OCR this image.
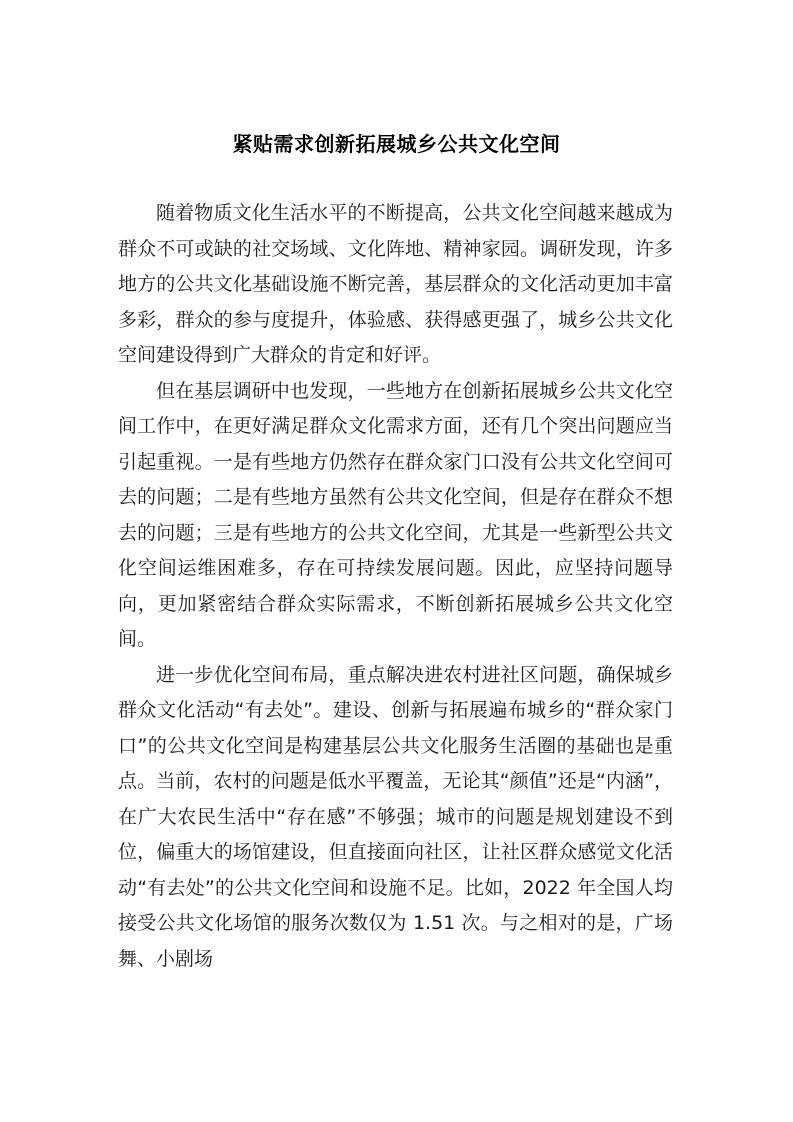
紧贴需求创新拓展城乡公共文化空间

随着物质文化生活水平的不断提高，公共文化空间越来越成为群众不可或缺的社交场域、文化阵地、精神家园。调研发现，许多地方的公共文化基础设施不断完善，基层群众的文化活动更加丰富多彩，群众的参与度提升，体验感、获得感更强了，城乡公共文化空间建设得到广大群众的肯定和好评。

但在基层调研中也发现，一些地方在创新拓展城乡公共文化空间工作中，在更好满足群众文化需求方面，还有几个突出问题应当引起重视。一是有些地方仍然存在群众家门口没有公共文化空间可去的问题；二是有些地方虽然有公共文化空间，但是存在群众不想去的问题；三是有些地方的公共文化空间，尤其是一些新型公共文化空间运维困难多，存在可持续发展问题。因此，应坚持问题导向，更加紧密结合群众实际需求，不断创新拓展城乡公共文化空间。

进一步优化空间布局，重点解决进农村进社区问题，确保城乡群众文化活动“有去处”。建设、创新与拓展遍布城乡的“群众家门口”的公共文化空间是构建基层公共文化服务生活圈的基础也是重点。当前，农村的问题是低水平覆盖，无论其“颜值”还是“内涵”，在广大农民生活中“存在感”不够强；城市的问题是规划建设不到位，偏重大的场馆建设，但直接面向社区，让社区群众感觉文化活动“有去处”的公共文化空间和设施不足。比如，2022 年全国人均接受公共文化场馆的服务次数仅为 1.51 次。与之相对的是，广场舞、小剧场
